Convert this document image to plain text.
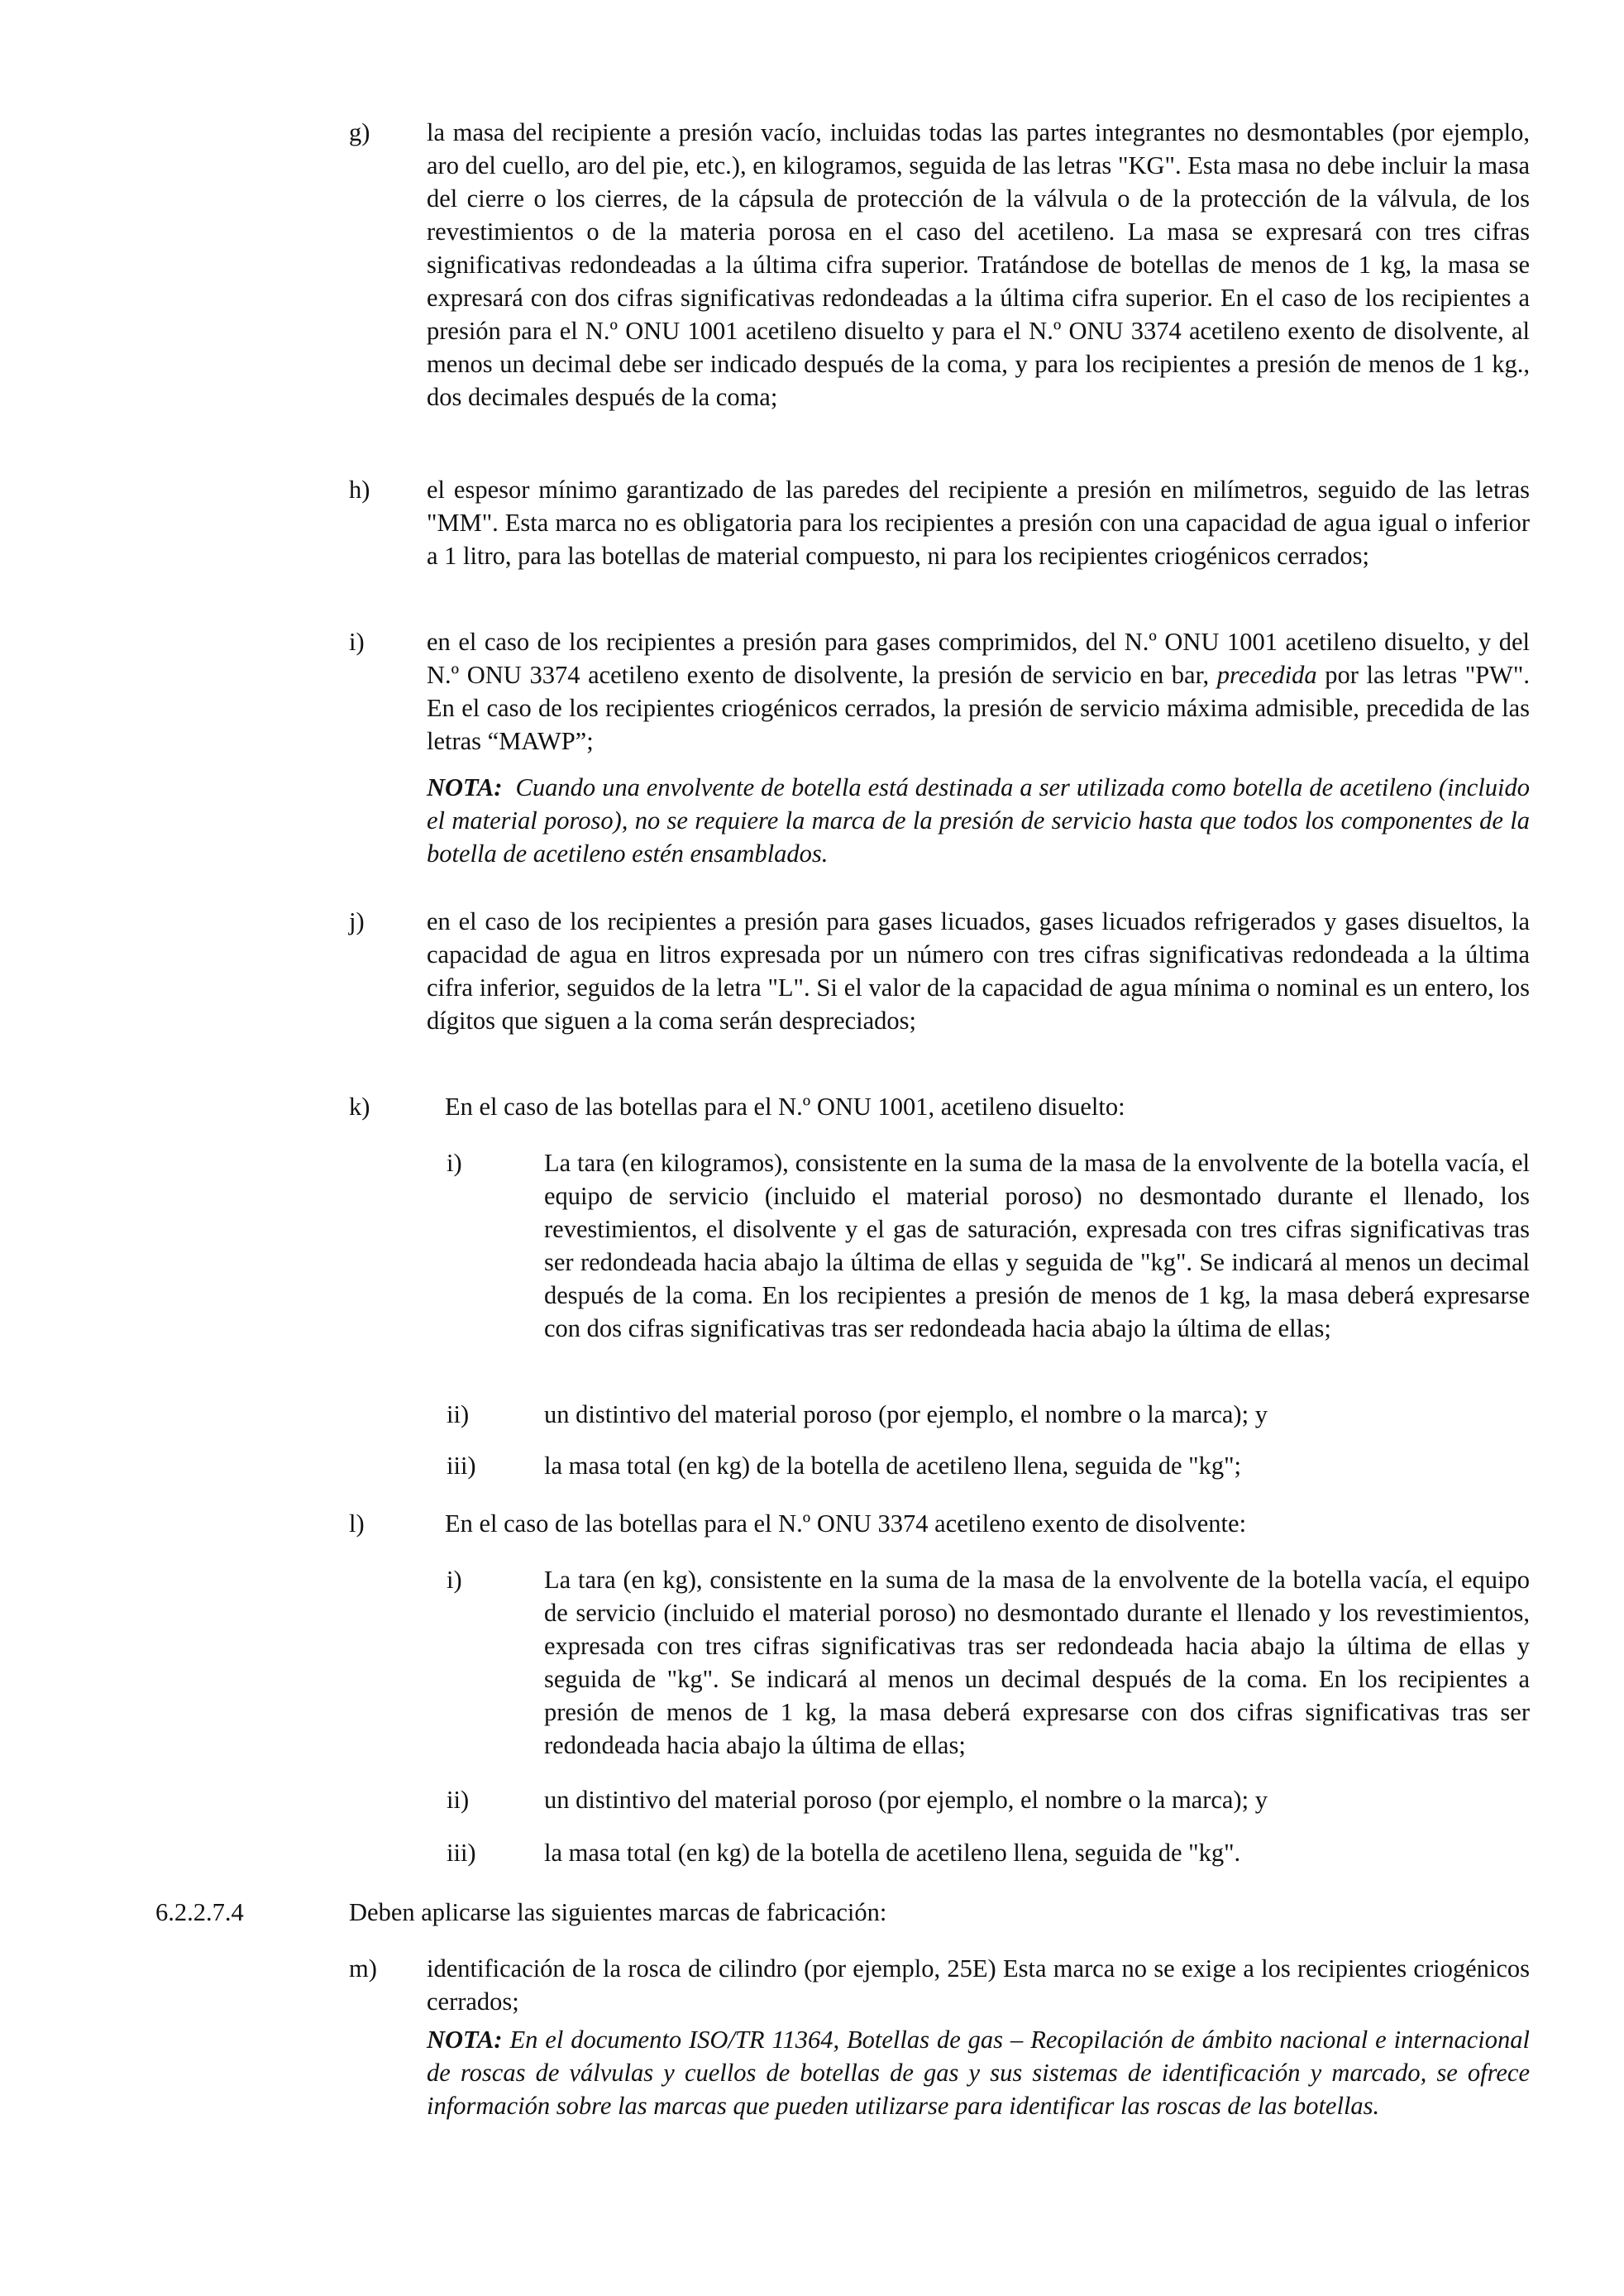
g) la masa del recipiente a presión vacío, incluidas todas las partes integrantes no desmontables (por ejemplo, aro del cuello, aro del pie, etc.), en kilogramos, seguida de las letras "KG". Esta masa no debe incluir la masa del cierre o los cierres, de la cápsula de protección de la válvula o de la protección de la válvula, de los revestimientos o de la materia porosa en el caso del acetileno. La masa se expresará con tres cifras significativas redondeadas a la última cifra superior. Tratándose de botellas de menos de 1 kg, la masa se expresará con dos cifras significativas redondeadas a la última cifra superior. En el caso de los recipientes a presión para el N.º ONU 1001 acetileno disuelto y para el N.º ONU 3374 acetileno exento de disolvente, al menos un decimal debe ser indicado después de la coma, y para los recipientes a presión de menos de 1 kg., dos decimales después de la coma;
h) el espesor mínimo garantizado de las paredes del recipiente a presión en milímetros, seguido de las letras "MM". Esta marca no es obligatoria para los recipientes a presión con una capacidad de agua igual o inferior a 1 litro, para las botellas de material compuesto, ni para los recipientes criogénicos cerrados;
i) en el caso de los recipientes a presión para gases comprimidos, del N.º ONU 1001 acetileno disuelto, y del N.º ONU 3374 acetileno exento de disolvente, la presión de servicio en bar, precedida por las letras "PW". En el caso de los recipientes criogénicos cerrados, la presión de servicio máxima admisible, precedida de las letras “MAWP”;
NOTA: Cuando una envolvente de botella está destinada a ser utilizada como botella de acetileno (incluido el material poroso), no se requiere la marca de la presión de servicio hasta que todos los componentes de la botella de acetileno estén ensamblados.
j) en el caso de los recipientes a presión para gases licuados, gases licuados refrigerados y gases disueltos, la capacidad de agua en litros expresada por un número con tres cifras significativas redondeada a la última cifra inferior, seguidos de la letra "L". Si el valor de la capacidad de agua mínima o nominal es un entero, los dígitos que siguen a la coma serán despreciados;
k)	En el caso de las botellas para el N.º ONU 1001, acetileno disuelto:
i)	La tara (en kilogramos), consistente en la suma de la masa de la envolvente de la botella vacía, el equipo de servicio (incluido el material poroso) no desmontado durante el llenado, los revestimientos, el disolvente y el gas de saturación, expresada con tres cifras significativas tras ser redondeada hacia abajo la última de ellas y seguida de "kg". Se indicará al menos un decimal después de la coma. En los recipientes a presión de menos de 1 kg, la masa deberá expresarse con dos cifras significativas tras ser redondeada hacia abajo la última de ellas;
ii)	un distintivo del material poroso (por ejemplo, el nombre o la marca); y
iii)	la masa total (en kg) de la botella de acetileno llena, seguida de "kg";
l)	En el caso de las botellas para el N.º ONU 3374 acetileno exento de disolvente:
i)	La tara (en kg), consistente en la suma de la masa de la envolvente de la botella vacía, el equipo de servicio (incluido el material poroso) no desmontado durante el llenado y los revestimientos, expresada con tres cifras significativas tras ser redondeada hacia abajo la última de ellas y seguida de "kg". Se indicará al menos un decimal después de la coma. En los recipientes a presión de menos de 1 kg, la masa deberá expresarse con dos cifras significativas tras ser redondeada hacia abajo la última de ellas;
ii)	un distintivo del material poroso (por ejemplo, el nombre o la marca); y
iii)	la masa total (en kg) de la botella de acetileno llena, seguida de "kg".
6.2.2.7.4	Deben aplicarse las siguientes marcas de fabricación:
m) identificación de la rosca de cilindro (por ejemplo, 25E) Esta marca no se exige a los recipientes criogénicos cerrados;
NOTA: En el documento ISO/TR 11364, Botellas de gas – Recopilación de ámbito nacional e internacional de roscas de válvulas y cuellos de botellas de gas y sus sistemas de identificación y marcado, se ofrece información sobre las marcas que pueden utilizarse para identificar las roscas de las botellas.
